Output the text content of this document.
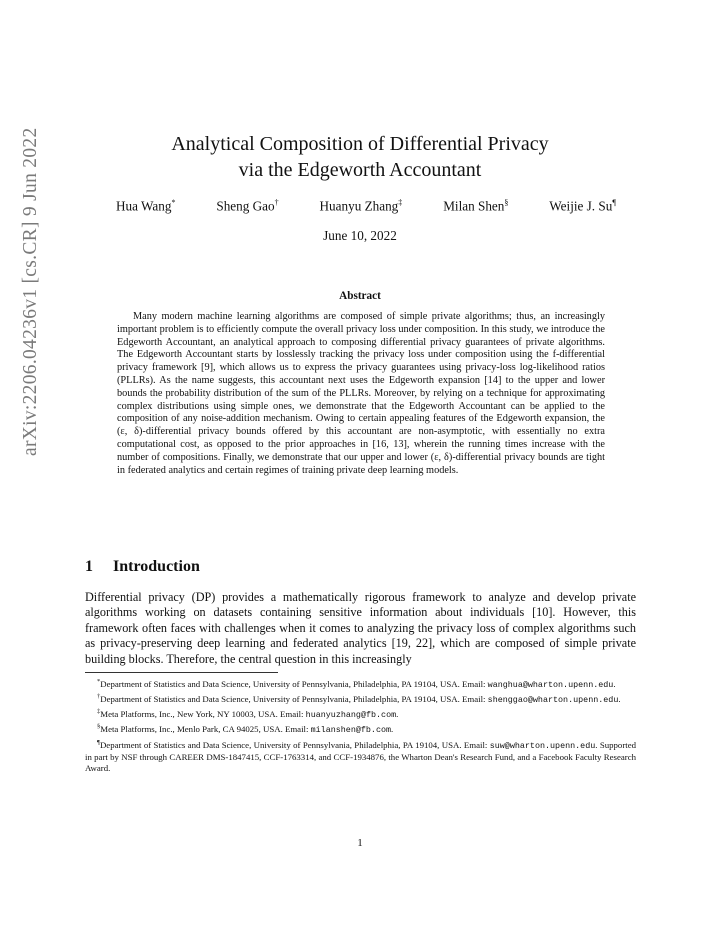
arXiv:2206.04236v1 [cs.CR] 9 Jun 2022	Analytical Composition of Differential Privacy
via the Edgeworth Accountant
Hua Wang*	Sheng Gao†	Huanyu Zhang‡	Milan Shen§	Weijie J. Su¶
June 10, 2022
Abstract

Many modern machine learning algorithms are composed of simple private algorithms; thus, an increasingly important problem is to efficiently compute the overall privacy loss under composition. In this study, we introduce the Edgeworth Accountant, an analytical approach to composing differential privacy guarantees of private algorithms. The Edgeworth Accountant starts by losslessly tracking the privacy loss under composition using the f-differential privacy framework [9], which allows us to express the privacy guarantees using privacy-loss log-likelihood ratios (PLLRs). As the name suggests, this accountant next uses the Edgeworth expansion [14] to the upper and lower bounds the probability distribution of the sum of the PLLRs. Moreover, by relying on a technique for approximating complex distributions using simple ones, we demonstrate that the Edgeworth Accountant can be applied to the composition of any noise-addition mechanism. Owing to certain appealing features of the Edgeworth expansion, the (ε, δ)-differential privacy bounds offered by this accountant are non-asymptotic, with essentially no extra computational cost, as opposed to the prior approaches in [16, 13], wherein the running times increase with the number of compositions. Finally, we demonstrate that our upper and lower (ε, δ)-differential privacy bounds are tight in federated analytics and certain regimes of training private deep learning models.

1 Introduction

Differential privacy (DP) provides a mathematically rigorous framework to analyze and develop private algorithms working on datasets containing sensitive information about individuals [10]. However, this framework often faces with challenges when it comes to analyzing the privacy loss of complex algorithms such as privacy-preserving deep learning and federated analytics [19, 22], which are composed of simple private building blocks. Therefore, the central question in this increasingly

*Department of Statistics and Data Science, University of Pennsylvania, Philadelphia, PA 19104, USA. Email: wanghua@wharton.upenn.edu.

†Department of Statistics and Data Science, University of Pennsylvania, Philadelphia, PA 19104, USA. Email: shenggao@wharton.upenn.edu.

‡Meta Platforms, Inc., New York, NY 10003, USA. Email: huanyuzhang@fb.com.

§Meta Platforms, Inc., Menlo Park, CA 94025, USA. Email: milanshen@fb.com.

¶Department of Statistics and Data Science, University of Pennsylvania, Philadelphia, PA 19104, USA. Email: suw@wharton.upenn.edu. Supported in part by NSF through CAREER DMS-1847415, CCF-1763314, and CCF-1934876, the Wharton Dean's Research Fund, and a Facebook Faculty Research Award.

1
